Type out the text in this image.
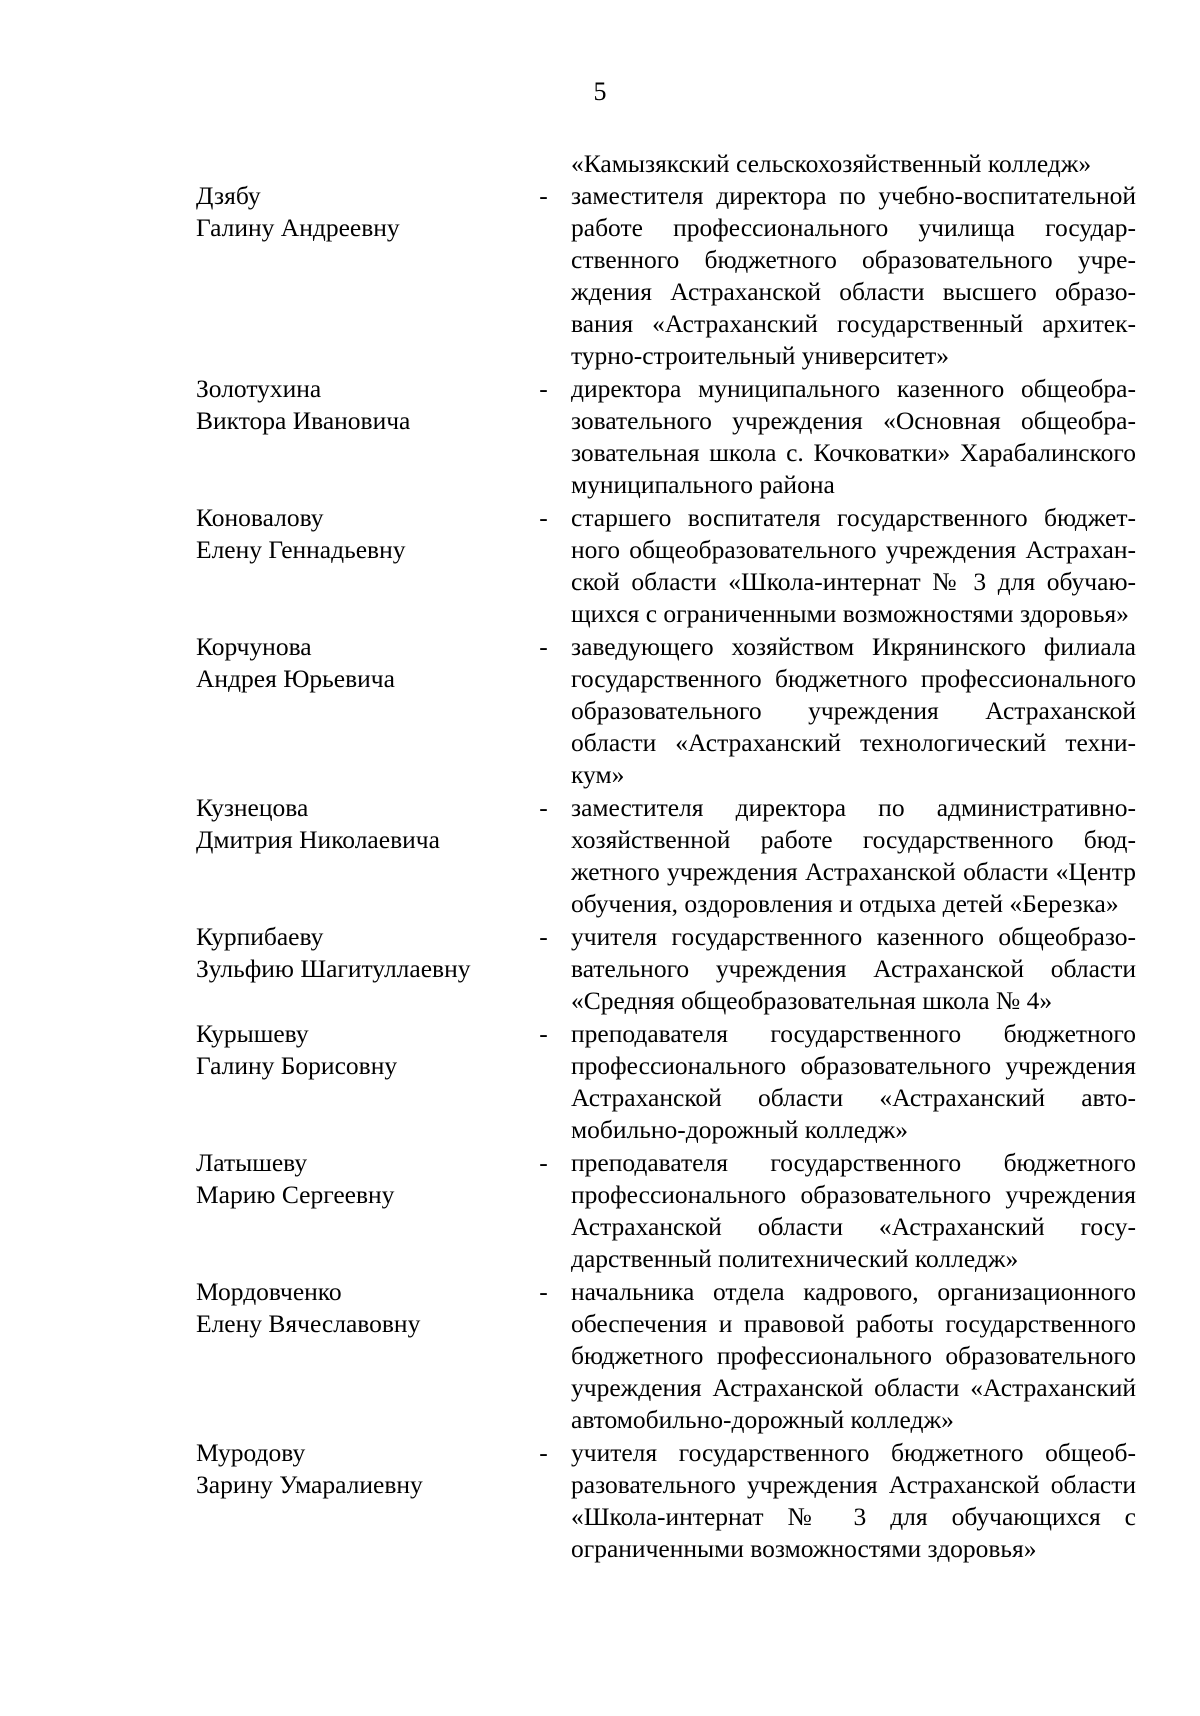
5
«Камызякский сельскохозяйственный колледж»
Дзябу
Галину Андреевну
- заместителя директора по учебно-воспитательной работе профессионального училища государственного бюджетного образовательного учреждения Астраханской области высшего образования «Астраханский государственный архитектурно-строительный университет»
Золотухина
Виктора Ивановича
- директора муниципального казенного общеобразовательного учреждения «Основная общеобразовательная школа с. Кочковатки» Харабалинского муниципального района
Коновалову
Елену Геннадьевну
- старшего воспитателя государственного бюджетного общеобразовательного учреждения Астраханской области «Школа-интернат № 3 для обучающихся с ограниченными возможностями здоровья»
Корчунова
Андрея Юрьевича
- заведующего хозяйством Икрянинского филиала государственного бюджетного профессионального образовательного учреждения Астраханской области «Астраханский технологический техникум»
Кузнецова
Дмитрия Николаевича
- заместителя директора по административно-хозяйственной работе государственного бюджетного учреждения Астраханской области «Центр обучения, оздоровления и отдыха детей «Березка»
Курпибаеву
Зульфию Шагитуллаевну
- учителя государственного казенного общеобразовательного учреждения Астраханской области «Средняя общеобразовательная школа № 4»
Курышеву
Галину Борисовну
- преподавателя государственного бюджетного профессионального образовательного учреждения Астраханской области «Астраханский автомобильно-дорожный колледж»
Латышеву
Марию Сергеевну
- преподавателя государственного бюджетного профессионального образовательного учреждения Астраханской области «Астраханский государственный политехнический колледж»
Мордовченко
Елену Вячеславовну
- начальника отдела кадрового, организационного обеспечения и правовой работы государственного бюджетного профессионального образовательного учреждения Астраханской области «Астраханский автомобильно-дорожный колледж»
Муродову
Зарину Умаралиевну
- учителя государственного бюджетного общеобразовательного учреждения Астраханской области «Школа-интернат № 3 для обучающихся с ограниченными возможностями здоровья»
